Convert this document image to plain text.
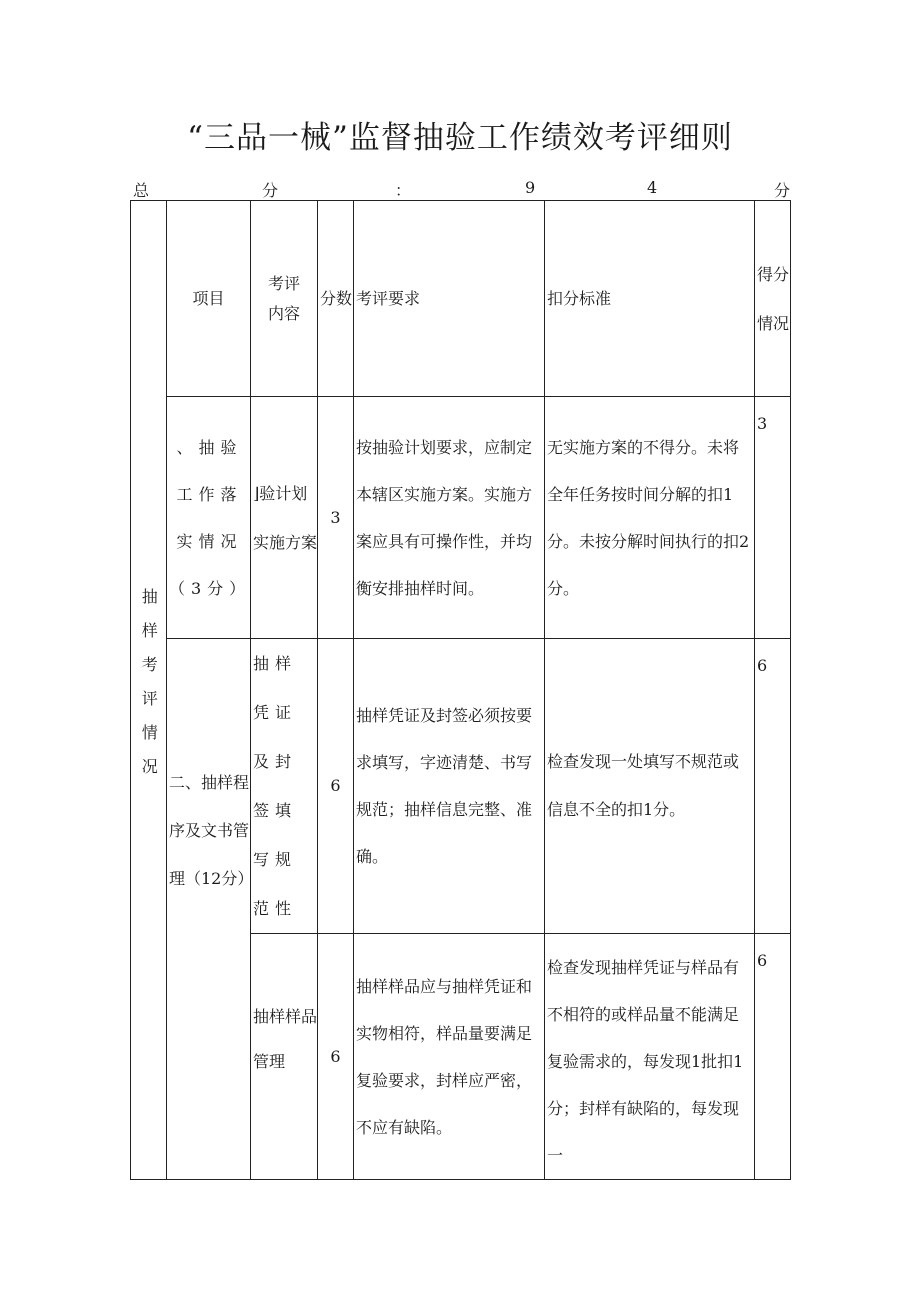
“三品一械”监督抽验工作绩效考评细则
总	分	：	9	4	分
抽样考评情况	项目	考评内容	分数	考评要求	扣分标准	得分情况
	、抽验工作落实情况（3分）	⌋验计划实施方案	3	按抽验计划要求，应制定本辖区实施方案。实施方案应具有可操作性，并均衡安排抽样时间。	无实施方案的不得分。未将全年任务按时间分解的扣1分。未按分解时间执行的扣2分。	3
	二、抽样程序及文书管理（12分）	抽样凭证及封签填写规范性	6	抽样凭证及封签必须按要求填写，字迹清楚、书写规范；抽样信息完整、准确。	检查发现一处填写不规范或信息不全的扣1分。	6
		抽样样品管理	6	抽样样品应与抽样凭证和实物相符，样品量要满足复验要求，封样应严密，不应有缺陷。	检查发现抽样凭证与样品有不相符的或样品量不能满足复验需求的，每发现1批扣1分；封样有缺陷的，每发现一	6
